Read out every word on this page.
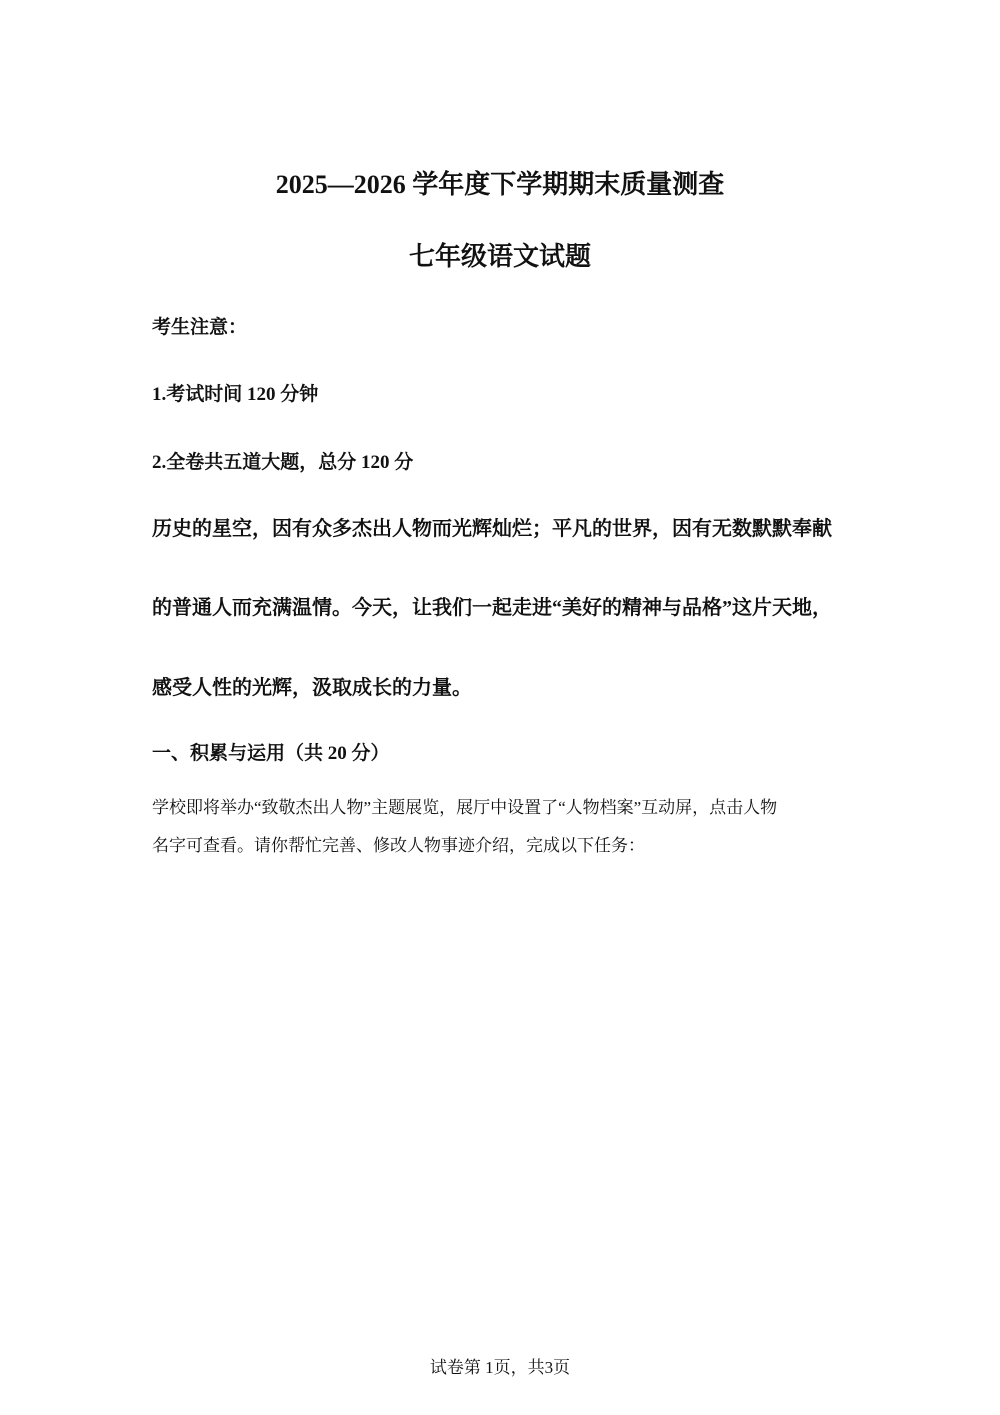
2025—2026 学年度下学期期末质量测查
七年级语文试题
考生注意：
1.考试时间 120 分钟
2.全卷共五道大题，总分 120 分
历史的星空，因有众多杰出人物而光辉灿烂；平凡的世界，因有无数默默奉献
的普通人而充满温情。今天，让我们一起走进“美好的精神与品格”这片天地，
感受人性的光辉，汲取成长的力量。
一、积累与运用（共 20 分）
学校即将举办“致敬杰出人物”主题展览，展厅中设置了“人物档案”互动屏，点击人物
名字可查看。请你帮忙完善、修改人物事迹介绍，完成以下任务：
试卷第 1页，共3页
